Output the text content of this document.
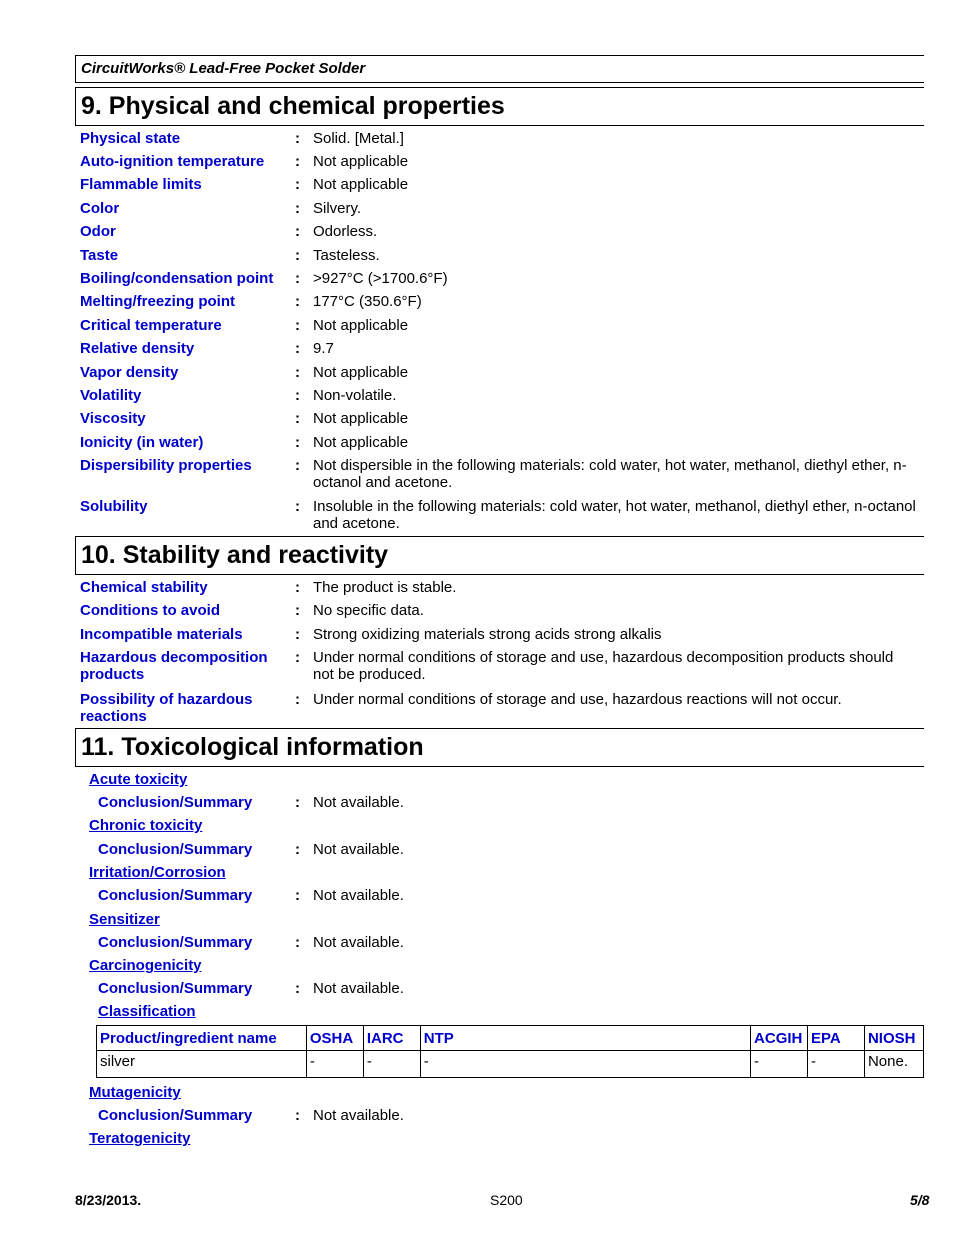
CircuitWorks® Lead-Free Pocket Solder
9. Physical and chemical properties
Physical state	: Solid. [Metal.]
Auto-ignition temperature	: Not applicable
Flammable limits	: Not applicable
Color	: Silvery.
Odor	: Odorless.
Taste	: Tasteless.
Boiling/condensation point	: >927°C (>1700.6°F)
Melting/freezing point	: 177°C (350.6°F)
Critical temperature	: Not applicable
Relative density	: 9.7
Vapor density	: Not applicable
Volatility	: Non-volatile.
Viscosity	: Not applicable
Ionicity (in water)	: Not applicable
Dispersibility properties	: Not dispersible in the following materials: cold water, hot water, methanol, diethyl ether, n-octanol and acetone.
Solubility	: Insoluble in the following materials: cold water, hot water, methanol, diethyl ether, n-octanol and acetone.
10. Stability and reactivity
Chemical stability	: The product is stable.
Conditions to avoid	: No specific data.
Incompatible materials	: Strong oxidizing materials strong acids strong alkalis
Hazardous decomposition products
: Under normal conditions of storage and use, hazardous decomposition products should not be produced.
Possibility of hazardous reactions
: Under normal conditions of storage and use, hazardous reactions will not occur.
11. Toxicological information
Acute toxicity
Conclusion/Summary	: Not available.
Chronic toxicity
Conclusion/Summary	: Not available.
Irritation/Corrosion
Conclusion/Summary	: Not available.
Sensitizer
Conclusion/Summary	: Not available.
Carcinogenicity
Conclusion/Summary	: Not available.
Classification
Product/ingredient name	OSHA	IARC	NTP	ACGIH	EPA	NIOSH
silver	-	-	-	-	-	None.
Mutagenicity
Conclusion/Summary	: Not available.
Teratogenicity
8/23/2013.	S200	5/8
